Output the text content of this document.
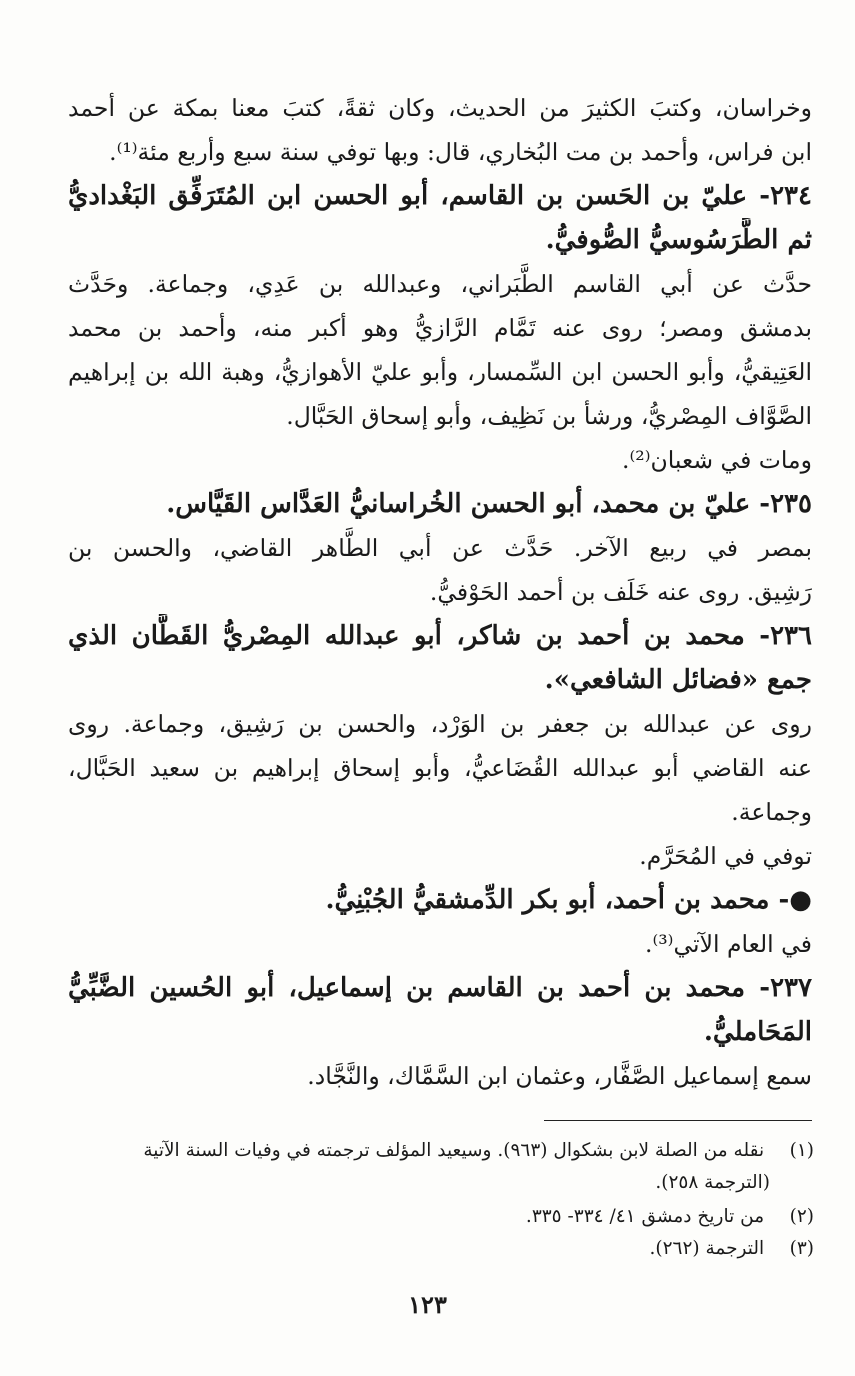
وخراسان، وكتبَ الكثيرَ من الحديث، وكان ثقةً، كتبَ معنا بمكة عن أحمد
ابن فراس، وأحمد بن مت البُخاري، قال: وبها توفي سنة سبع وأربع مئة⁽¹⁾.
٢٣٤- عليّ بن الحَسن بن القاسم، أبو الحسن ابن المُتَرَفِّق البَغْداديُّ
ثم الطَّرَسُوسيُّ الصُّوفيُّ.
حدَّث عن أبي القاسم الطَّبَراني، وعبدالله بن عَدِي، وجماعة. وحَدَّث
بدمشق ومصر؛ روى عنه تَمَّام الرَّازيُّ وهو أكبر منه، وأحمد بن محمد
العَتِيقيُّ، وأبو الحسن ابن السِّمسار، وأبو عليّ الأهوازيُّ، وهبة الله بن إبراهيم
الصَّوَّاف المِصْريُّ، ورشأ بن نَظِيف، وأبو إسحاق الحَبَّال.
ومات في شعبان⁽²⁾.
٢٣٥- عليّ بن محمد، أبو الحسن الخُراسانيُّ العَدَّاس القَيَّاس.
بمصر في ربيع الآخر. حَدَّث عن أبي الطَّاهر القاضي، والحسن بن
رَشِيق. روى عنه خَلَف بن أحمد الحَوْفيُّ.
٢٣٦- محمد بن أحمد بن شاكر، أبو عبدالله المِصْريُّ القَطَّان الذي
جمع «فضائل الشافعي».
روى عن عبدالله بن جعفر بن الوَرْد، والحسن بن رَشِيق، وجماعة. روى
عنه القاضي أبو عبدالله القُضَاعيُّ، وأبو إسحاق إبراهيم بن سعيد الحَبَّال،
وجماعة.
توفي في المُحَرَّم.
●- محمد بن أحمد، أبو بكر الدِّمشقيُّ الجُبْنِيُّ.
في العام الآتي⁽³⁾.
٢٣٧- محمد بن أحمد بن القاسم بن إسماعيل، أبو الحُسين الضَّبِّيُّ
المَحَامليُّ.
سمع إسماعيل الصَّفَّار، وعثمان ابن السَّمَّاك، والنَّجَّاد.
(١) نقله من الصلة لابن بشكوال (٩٦٣). وسيعيد المؤلف ترجمته في وفيات السنة الآتية
(الترجمة ٢٥٨).
(٢) من تاريخ دمشق ٤١/ ٣٣٤- ٣٣٥.
(٣) الترجمة (٢٦٢).
١٢٣
